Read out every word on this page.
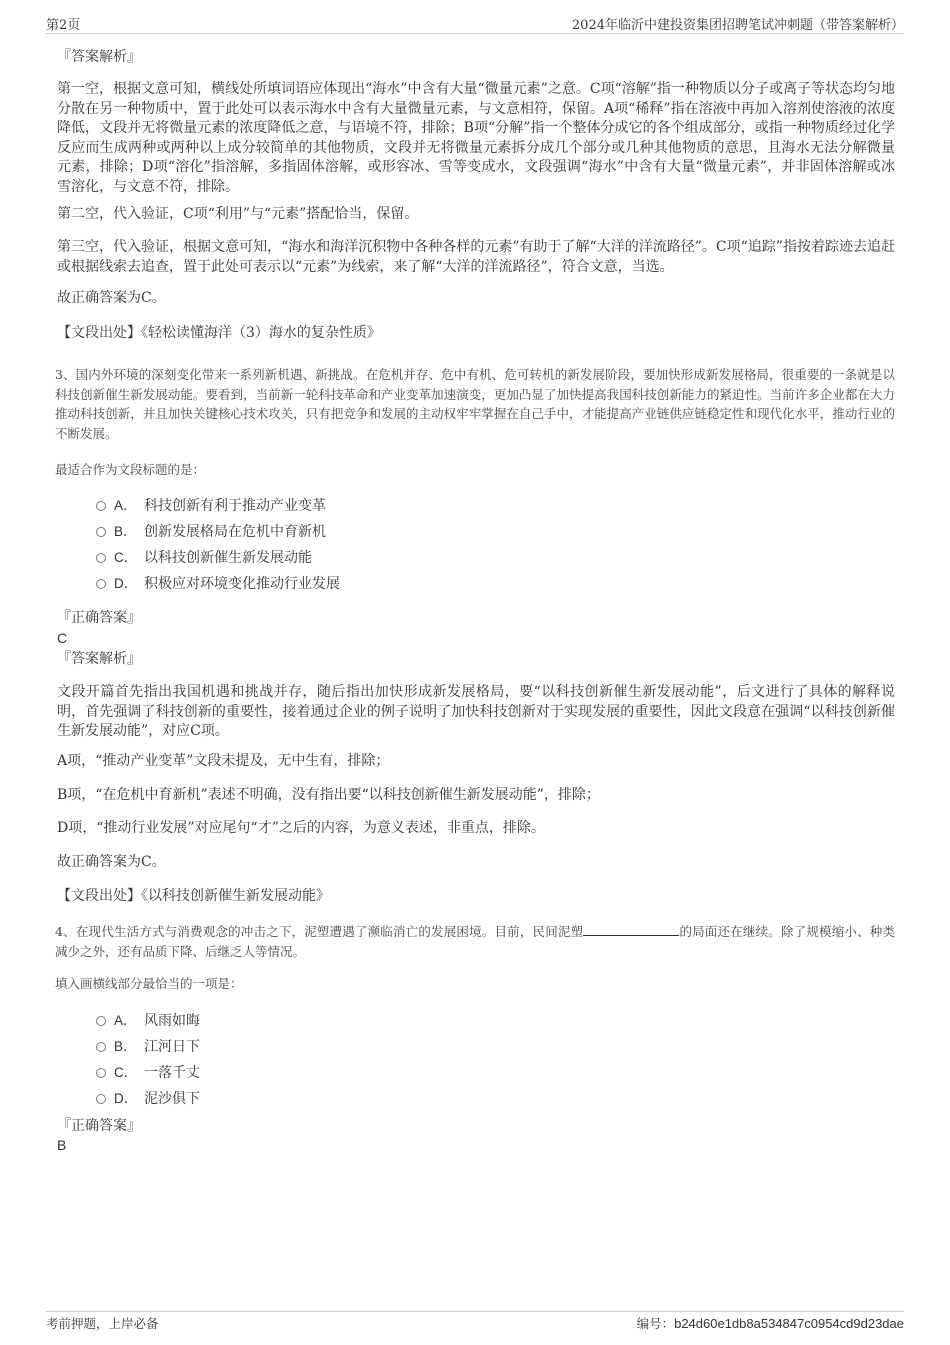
第2页	2024年临沂中建投资集团招聘笔试冲刺题（带答案解析）
『答案解析』

第一空，根据文意可知，横线处所填词语应体现出“海水”中含有大量“微量元素”之意。C项“溶解”指一种物质以分子或离子等状态均匀地分散在另一种物质中，置于此处可以表示海水中含有大量微量元素，与文意相符，保留。A项“稀释”指在溶液中再加入溶剂使溶液的浓度降低，文段并无将微量元素的浓度降低之意，与语境不符，排除；B项“分解”指一个整体分成它的各个组成部分，或指一种物质经过化学反应而生成两种或两种以上成分较简单的其他物质，文段并无将微量元素拆分成几个部分或几种其他物质的意思，且海水无法分解微量元素，排除；D项“溶化”指溶解，多指固体溶解，或形容冰、雪等变成水，文段强调“海水”中含有大量“微量元素”，并非固体溶解或冰雪溶化，与文意不符，排除。

第二空，代入验证，C项“利用”与“元素”搭配恰当，保留。

第三空，代入验证，根据文意可知，“海水和海洋沉积物中各种各样的元素”有助于了解“大洋的洋流路径”。C项“追踪”指按着踪迹去追赶或根据线索去追查，置于此处可表示以“元素”为线索，来了解“大洋的洋流路径”，符合文意，当选。

故正确答案为C。

【文段出处】《轻松读懂海洋（3）海水的复杂性质》

3、国内外环境的深刻变化带来一系列新机遇、新挑战。在危机并存、危中有机、危可转机的新发展阶段，要加快形成新发展格局，很重要的一条就是以科技创新催生新发展动能。要看到，当前新一轮科技革命和产业变革加速演变，更加凸显了加快提高我国科技创新能力的紧迫性。当前许多企业都在大力推动科技创新，并且加快关键核心技术攻关，只有把竞争和发展的主动权牢牢掌握在自己手中，才能提高产业链供应链稳定性和现代化水平，推动行业的不断发展。

最适合作为文段标题的是：

A． 科技创新有利于推动产业变革
B． 创新发展格局在危机中育新机
C． 以科技创新催生新发展动能
D． 积极应对环境变化推动行业发展
『正确答案』
C
『答案解析』

文段开篇首先指出我国机遇和挑战并存，随后指出加快形成新发展格局，要“以科技创新催生新发展动能”，后文进行了具体的解释说明，首先强调了科技创新的重要性，接着通过企业的例子说明了加快科技创新对于实现发展的重要性，因此文段意在强调“以科技创新催生新发展动能”，对应C项。

A项，“推动产业变革”文段未提及，无中生有，排除；

B项，“在危机中育新机”表述不明确，没有指出要“以科技创新催生新发展动能”，排除；

D项，“推动行业发展”对应尾句“才”之后的内容，为意义表述，非重点，排除。

故正确答案为C。

【文段出处】《以科技创新催生新发展动能》

4、在现代生活方式与消费观念的冲击之下，泥塑遭遇了濒临消亡的发展困境。目前，民间泥塑	的局面还在继续。除了规模缩小、种类减少之外，还有品质下降、后继乏人等情况。

填入画横线部分最恰当的一项是：

A． 风雨如晦
B． 江河日下
C． 一落千丈
D． 泥沙俱下
『正确答案』
B
考前押题，上岸必备	编号：b24d60e1db8a534847c0954cd9d23dae
